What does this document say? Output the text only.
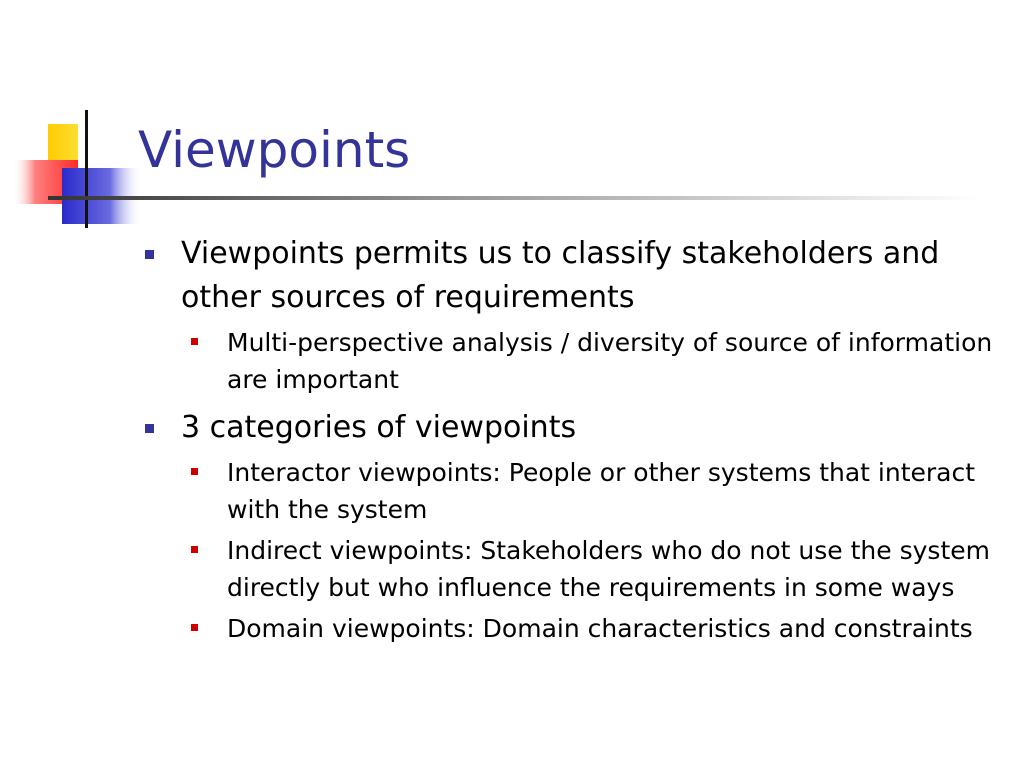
Viewpoints
Viewpoints permits us to classify stakeholders and other sources of requirements
Multi-perspective analysis / diversity of source of information are important
3 categories of viewpoints
Interactor viewpoints: People or other systems that interact with the system
Indirect viewpoints: Stakeholders who do not use the system directly but who influence the requirements in some ways
Domain viewpoints: Domain characteristics and constraints
